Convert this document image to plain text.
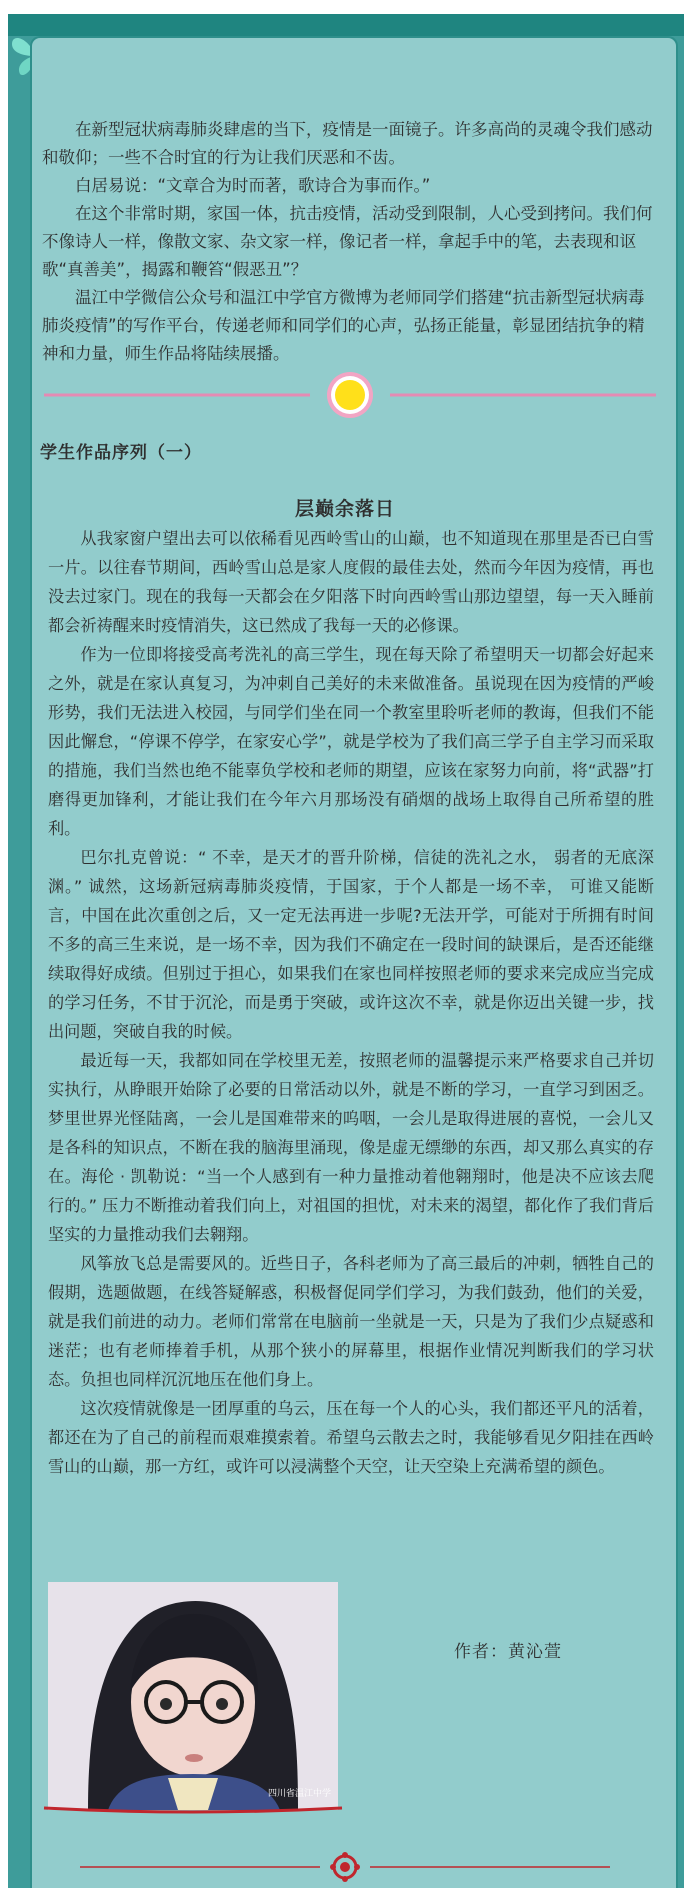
在新型冠状病毒肺炎肆虐的当下，疫情是一面镜子。许多高尚的灵魂令我们感动和敬仰；一些不合时宜的行为让我们厌恶和不齿。

白居易说：“文章合为时而著，歌诗合为事而作。”

在这个非常时期，家国一体，抗击疫情，活动受到限制，人心受到拷问。我们何不像诗人一样，像散文家、杂文家一样，像记者一样，拿起手中的笔，去表现和讴歌“真善美”，揭露和鞭笞“假恶丑”？

温江中学微信公众号和温江中学官方微博为老师同学们搭建“抗击新型冠状病毒肺炎疫情”的写作平台，传递老师和同学们的心声，弘扬正能量，彰显团结抗争的精神和力量，师生作品将陆续展播。

学生作品序列（一）
层巅余落日

从我家窗户望出去可以依稀看见西岭雪山的山巅，也不知道现在那里是否已白雪一片。以往春节期间，西岭雪山总是家人度假的最佳去处，然而今年因为疫情，再也没去过家门。现在的我每一天都会在夕阳落下时向西岭雪山那边望望，每一天入睡前都会祈祷醒来时疫情消失，这已然成了我每一天的必修课。

作为一位即将接受高考洗礼的高三学生，现在每天除了希望明天一切都会好起来之外，就是在家认真复习，为冲刺自己美好的未来做准备。虽说现在因为疫情的严峻形势，我们无法进入校园，与同学们坐在同一个教室里聆听老师的教诲，但我们不能因此懈怠，“停课不停学，在家安心学”，就是学校为了我们高三学子自主学习而采取的措施，我们当然也绝不能辜负学校和老师的期望，应该在家努力向前，将“武器”打磨得更加锋利，才能让我们在今年六月那场没有硝烟的战场上取得自己所希望的胜利。

巴尔扎克曾说：“ 不幸，是天才的晋升阶梯，信徒的洗礼之水， 弱者的无底深渊。” 诚然，这场新冠病毒肺炎疫情，于国家，于个人都是一场不幸， 可谁又能断言，中国在此次重创之后，又一定无法再进一步呢?无法开学，可能对于所拥有时间不多的高三生来说，是一场不幸，因为我们不确定在一段时间的缺课后，是否还能继续取得好成绩。但别过于担心，如果我们在家也同样按照老师的要求来完成应当完成的学习任务，不甘于沉沦，而是勇于突破，或许这次不幸，就是你迈出关键一步，找出问题，突破自我的时候。

最近每一天，我都如同在学校里无差，按照老师的温馨提示来严格要求自己并切实执行，从睁眼开始除了必要的日常活动以外，就是不断的学习，一直学习到困乏。梦里世界光怪陆离，一会儿是国难带来的呜咽，一会儿是取得进展的喜悦，一会儿又是各科的知识点，不断在我的脑海里涌现，像是虚无缥缈的东西，却又那么真实的存在。海伦 · 凯勒说：“当一个人感到有一种力量推动着他翱翔时，他是决不应该去爬行的。” 压力不断推动着我们向上，对祖国的担忧，对未来的渴望，都化作了我们背后坚实的力量推动我们去翱翔。

风筝放飞总是需要风的。近些日子，各科老师为了高三最后的冲刺，牺牲自己的假期，选题做题，在线答疑解惑，积极督促同学们学习，为我们鼓劲，他们的关爱，就是我们前进的动力。老师们常常在电脑前一坐就是一天，只是为了我们少点疑惑和迷茫；也有老师捧着手机，从那个狭小的屏幕里，根据作业情况判断我们的学习状态。负担也同样沉沉地压在他们身上。

这次疫情就像是一团厚重的乌云，压在每一个人的心头，我们都还平凡的活着，都还在为了自己的前程而艰难摸索着。希望乌云散去之时，我能够看见夕阳挂在西岭雪山的山巅，那一方红，或许可以浸满整个天空，让天空染上充满希望的颜色。

四川省温江中学
作者：黄沁萱
